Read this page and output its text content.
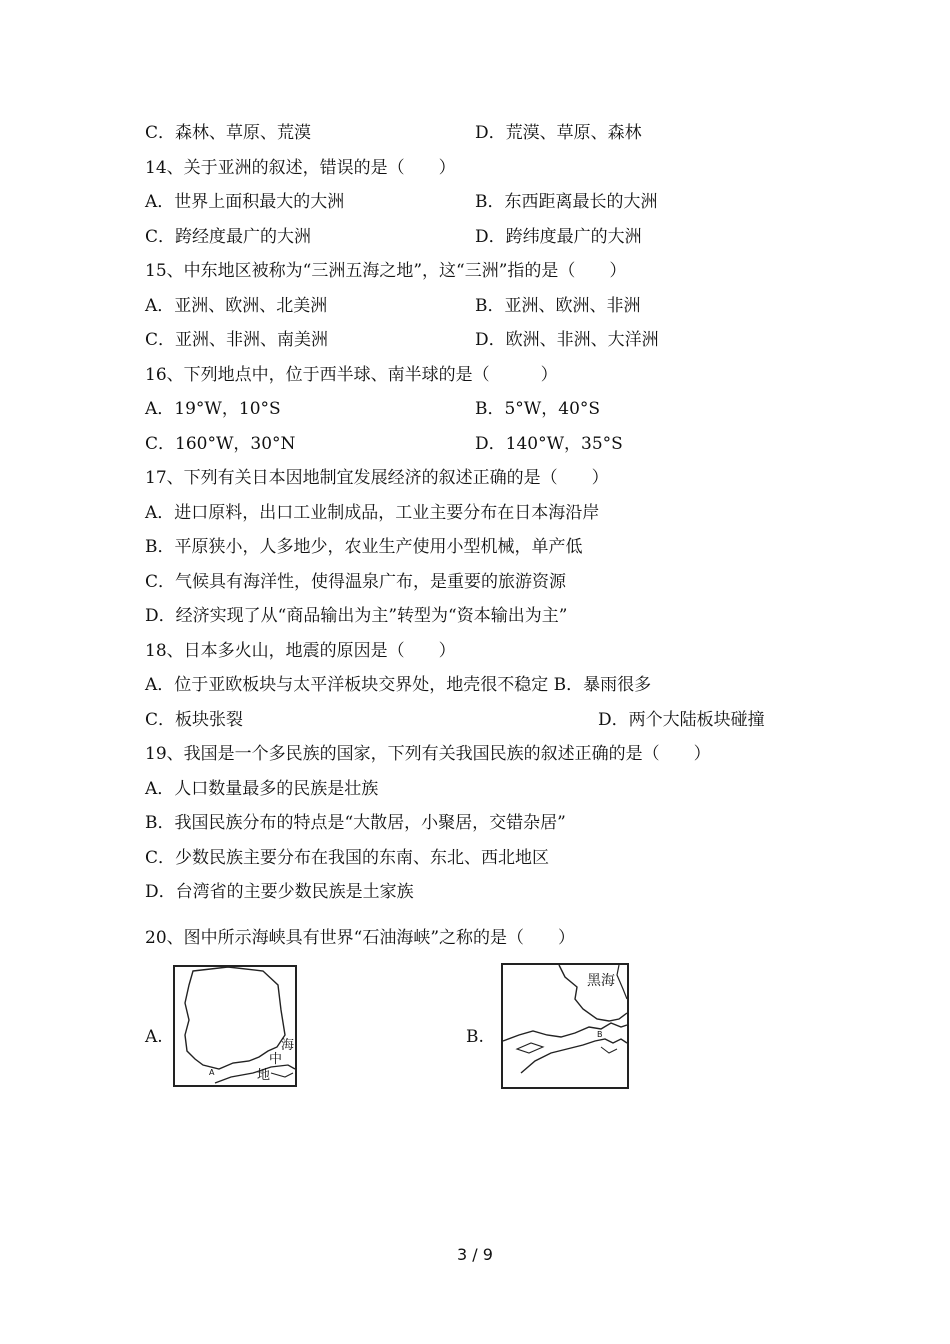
C．森林、草原、荒漠	D．荒漠、草原、森林
14、关于亚洲的叙述，错误的是（　　）
A．世界上面积最大的大洲	B．东西距离最长的大洲
C．跨经度最广的大洲	D．跨纬度最广的大洲
15、中东地区被称为“三洲五海之地”，这“三洲”指的是（　　）
A．亚洲、欧洲、北美洲	B．亚洲、欧洲、非洲
C．亚洲、非洲、南美洲	D．欧洲、非洲、大洋洲
16、下列地点中，位于西半球、南半球的是（　　　）
A．19°W，10°S	B．5°W，40°S
C．160°W，30°N	D．140°W，35°S
17、下列有关日本因地制宜发展经济的叙述正确的是（　　）
A．进口原料，出口工业制成品，工业主要分布在日本海沿岸
B．平原狭小，人多地少，农业生产使用小型机械，单产低
C．气候具有海洋性，使得温泉广布，是重要的旅游资源
D．经济实现了从“商品输出为主”转型为“资本输出为主”
18、日本多火山，地震的原因是（　　）
A．位于亚欧板块与太平洋板块交界处，地壳很不稳定 B．暴雨很多
C．板块张裂	D．两个大陆板块碰撞
19、我国是一个多民族的国家，下列有关我国民族的叙述正确的是（　　）
A．人口数量最多的民族是壮族
B．我国民族分布的特点是“大散居，小聚居，交错杂居”
C．少数民族主要分布在我国的东南、东北、西北地区
D．台湾省的主要少数民族是土家族
20、图中所示海峡具有世界“石油海峡”之称的是（　　）
A.	海
中
地
A
B.
黑海
B
3 / 9
